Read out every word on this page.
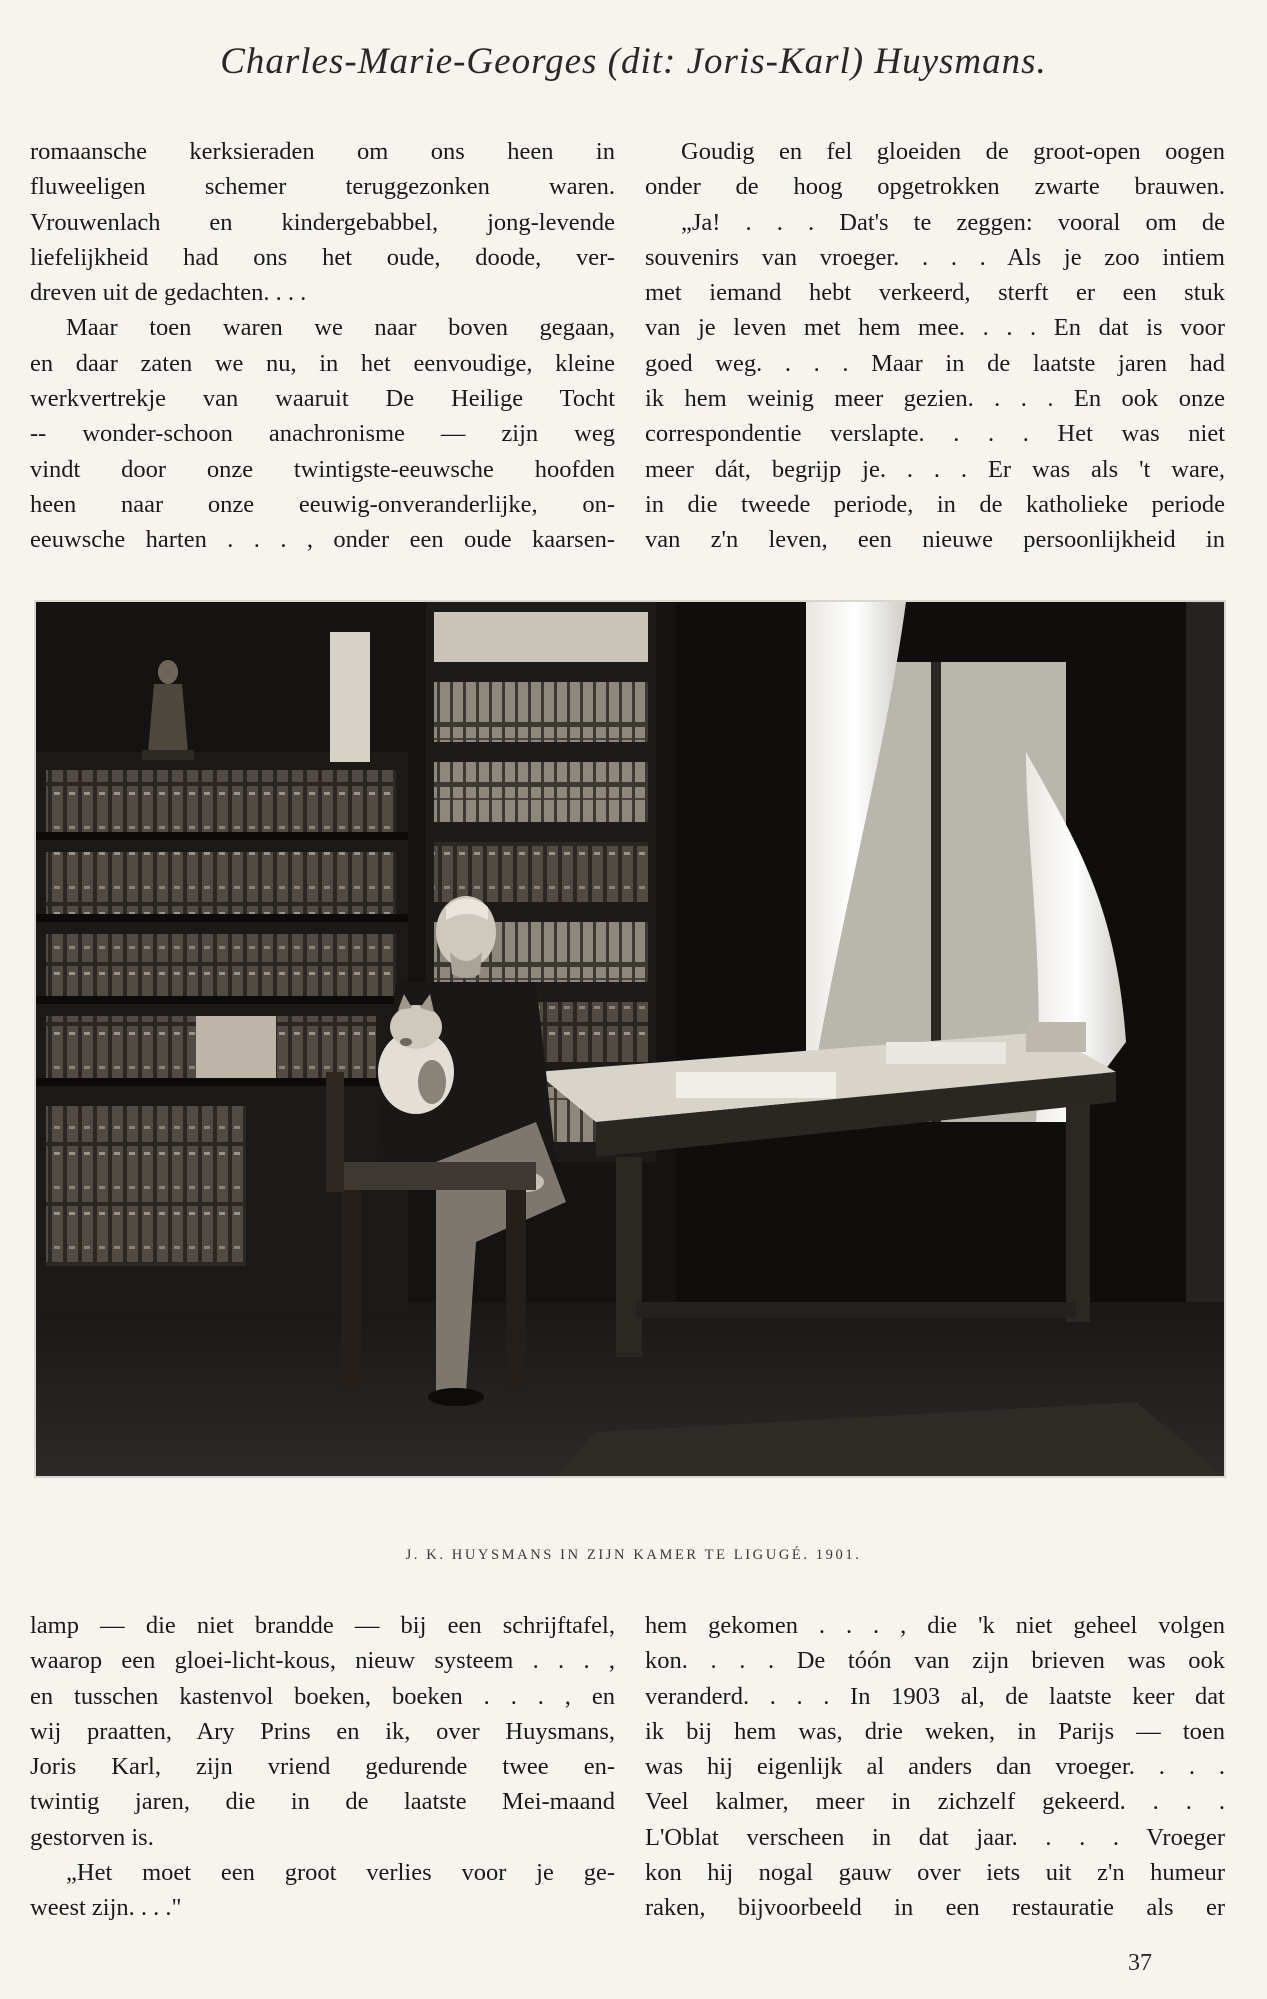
Charles-Marie-Georges (dit: Joris-Karl) Huysmans.
romaansche kerksieraden om ons heen in
fluweeligen schemer teruggezonken waren.
Vrouwenlach en kindergebabbel, jong-levende
liefelijkheid had ons het oude, doode, ver-
dreven uit de gedachten. . . .
Maar toen waren we naar boven gegaan,
en daar zaten we nu, in het eenvoudige, kleine
werkvertrekje van waaruit De Heilige Tocht
-- wonder-schoon anachronisme — zijn weg
vindt door onze twintigste-eeuwsche hoofden
heen naar onze eeuwig-onveranderlijke, on-
eeuwsche harten . . . , onder een oude kaarsen-
Goudig en fel gloeiden de groot-open oogen
onder de hoog opgetrokken zwarte brauwen.
„Ja! . . . Dat's te zeggen: vooral om de
souvenirs van vroeger. . . . Als je zoo intiem
met iemand hebt verkeerd, sterft er een stuk
van je leven met hem mee. . . . En dat is voor
goed weg. . . . Maar in de laatste jaren had
ik hem weinig meer gezien. . . . En ook onze
correspondentie verslapte. . . . Het was niet
meer dát, begrijp je. . . . Er was als 't ware,
in die tweede periode, in de katholieke periode
van z'n leven, een nieuwe persoonlijkheid in
J. K. HUYSMANS IN ZIJN KAMER TE LIGUGÉ. 1901.
lamp — die niet brandde — bij een schrijftafel,
waarop een gloei-licht-kous, nieuw systeem . . . ,
en tusschen kastenvol boeken, boeken . . . , en
wij praatten, Ary Prins en ik, over Huysmans,
Joris Karl, zijn vriend gedurende twee en-
twintig jaren, die in de laatste Mei-maand
gestorven is.
„Het moet een groot verlies voor je ge-
weest zijn. . . ."
hem gekomen . . . , die 'k niet geheel volgen
kon. . . . De tóón van zijn brieven was ook
veranderd. . . . In 1903 al, de laatste keer dat
ik bij hem was, drie weken, in Parijs — toen
was hij eigenlijk al anders dan vroeger. . . .
Veel kalmer, meer in zichzelf gekeerd. . . .
L'Oblat verscheen in dat jaar. . . . Vroeger
kon hij nogal gauw over iets uit z'n humeur
raken, bijvoorbeeld in een restauratie als er
37
